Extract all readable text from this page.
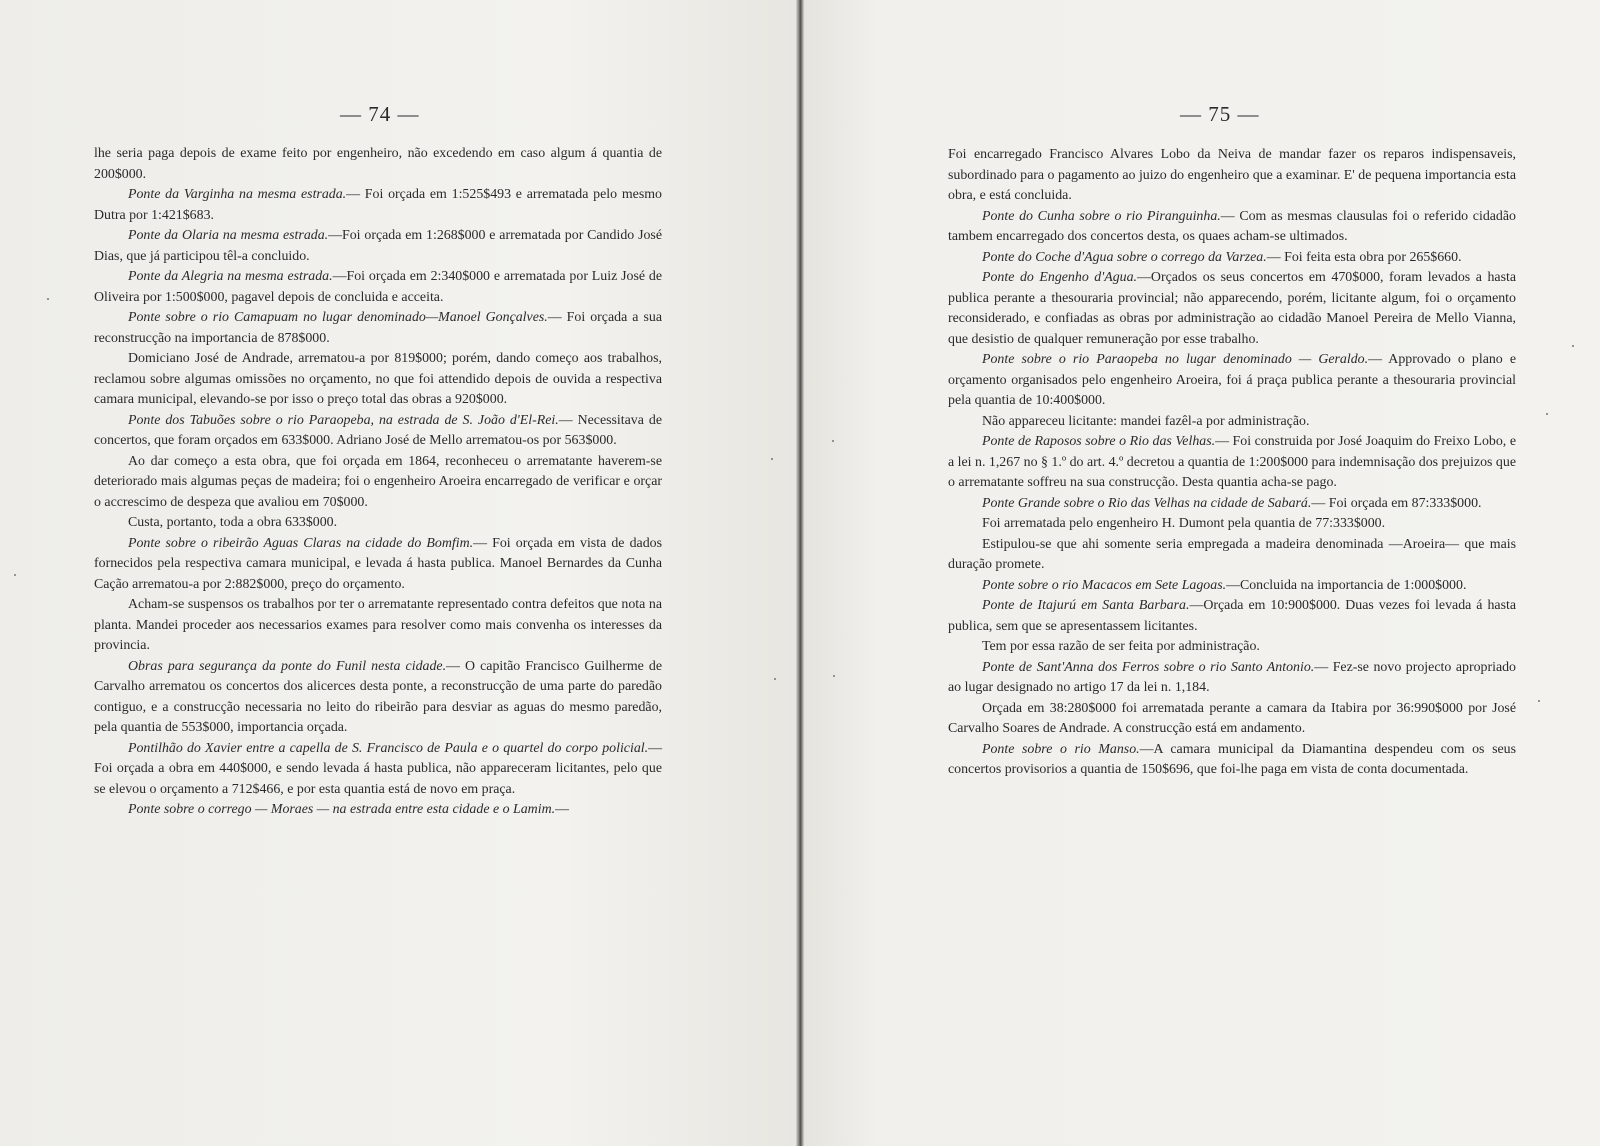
— 74 —

lhe seria paga depois de exame feito por engenheiro, não excedendo em caso algum á quantia de 200$000.

Ponte da Varginha na mesma estrada.— Foi orçada em 1:525$493 e arrematada pelo mesmo Dutra por 1:421$683.

Ponte da Olaria na mesma estrada.—Foi orçada em 1:268$000 e arrematada por Candido José Dias, que já participou têl-a concluido.

Ponte da Alegria na mesma estrada.—Foi orçada em 2:340$000 e arrematada por Luiz José de Oliveira por 1:500$000, pagavel depois de concluida e acceita.

Ponte sobre o rio Camapuam no lugar denominado—Manoel Gonçalves.— Foi orçada a sua reconstrucção na importancia de 878$000.

Domiciano José de Andrade, arrematou-a por 819$000; porém, dando começo aos trabalhos, reclamou sobre algumas omissões no orçamento, no que foi attendido depois de ouvida a respectiva camara municipal, elevando-se por isso o preço total das obras a 920$000.

Ponte dos Tabuões sobre o rio Paraopeba, na estrada de S. João d'El-Rei.— Necessitava de concertos, que foram orçados em 633$000. Adriano José de Mello arrematou-os por 563$000.

Ao dar começo a esta obra, que foi orçada em 1864, reconheceu o arrematante haverem-se deteriorado mais algumas peças de madeira; foi o engenheiro Aroeira encarregado de verificar e orçar o accrescimo de despeza que avaliou em 70$000.

Custa, portanto, toda a obra 633$000.

Ponte sobre o ribeirão Aguas Claras na cidade do Bomfim.— Foi orçada em vista de dados fornecidos pela respectiva camara municipal, e levada á hasta publica. Manoel Bernardes da Cunha Cação arrematou-a por 2:882$000, preço do orçamento.

Acham-se suspensos os trabalhos por ter o arrematante representado contra defeitos que nota na planta. Mandei proceder aos necessarios exames para resolver como mais convenha os interesses da provincia.

Obras para segurança da ponte do Funil nesta cidade.— O capitão Francisco Guilherme de Carvalho arrematou os concertos dos alicerces desta ponte, a reconstrucção de uma parte do paredão contiguo, e a construcção necessaria no leito do ribeirão para desviar as aguas do mesmo paredão, pela quantia de 553$000, importancia orçada.

Pontilhão do Xavier entre a capella de S. Francisco de Paula e o quartel do corpo policial.— Foi orçada a obra em 440$000, e sendo levada á hasta publica, não appareceram licitantes, pelo que se elevou o orçamento a 712$466, e por esta quantia está de novo em praça.

Ponte sobre o corrego — Moraes — na estrada entre esta cidade e o Lamim.—

— 75 —

Foi encarregado Francisco Alvares Lobo da Neiva de mandar fazer os reparos indispensaveis, subordinado para o pagamento ao juizo do engenheiro que a examinar. E' de pequena importancia esta obra, e está concluida.

Ponte do Cunha sobre o rio Piranguinha.— Com as mesmas clausulas foi o referido cidadão tambem encarregado dos concertos desta, os quaes acham-se ultimados.

Ponte do Coche d'Agua sobre o corrego da Varzea.— Foi feita esta obra por 265$660.

Ponte do Engenho d'Agua.—Orçados os seus concertos em 470$000, foram levados a hasta publica perante a thesouraria provincial; não apparecendo, porém, licitante algum, foi o orçamento reconsiderado, e confiadas as obras por administração ao cidadão Manoel Pereira de Mello Vianna, que desistio de qualquer remuneração por esse trabalho.

Ponte sobre o rio Paraopeba no lugar denominado — Geraldo.— Approvado o plano e orçamento organisados pelo engenheiro Aroeira, foi á praça publica perante a thesouraria provincial pela quantia de 10:400$000.

Não appareceu licitante: mandei fazêl-a por administração.

Ponte de Raposos sobre o Rio das Velhas.— Foi construida por José Joaquim do Freixo Lobo, e a lei n. 1,267 no § 1.º do art. 4.º decretou a quantia de 1:200$000 para indemnisação dos prejuizos que o arrematante soffreu na sua construcção. Desta quantia acha-se pago.

Ponte Grande sobre o Rio das Velhas na cidade de Sabará.— Foi orçada em 87:333$000.

Foi arrematada pelo engenheiro H. Dumont pela quantia de 77:333$000.

Estipulou-se que ahi somente seria empregada a madeira denominada —Aroeira— que mais duração promete.

Ponte sobre o rio Macacos em Sete Lagoas.—Concluida na importancia de 1:000$000.

Ponte de Itajurú em Santa Barbara.—Orçada em 10:900$000. Duas vezes foi levada á hasta publica, sem que se apresentassem licitantes.

Tem por essa razão de ser feita por administração.

Ponte de Sant'Anna dos Ferros sobre o rio Santo Antonio.— Fez-se novo projecto apropriado ao lugar designado no artigo 17 da lei n. 1,184.

Orçada em 38:280$000 foi arrematada perante a camara da Itabira por 36:990$000 por José Carvalho Soares de Andrade. A construcção está em andamento.

Ponte sobre o rio Manso.—A camara municipal da Diamantina despendeu com os seus concertos provisorios a quantia de 150$696, que foi-lhe paga em vista de conta documentada.
